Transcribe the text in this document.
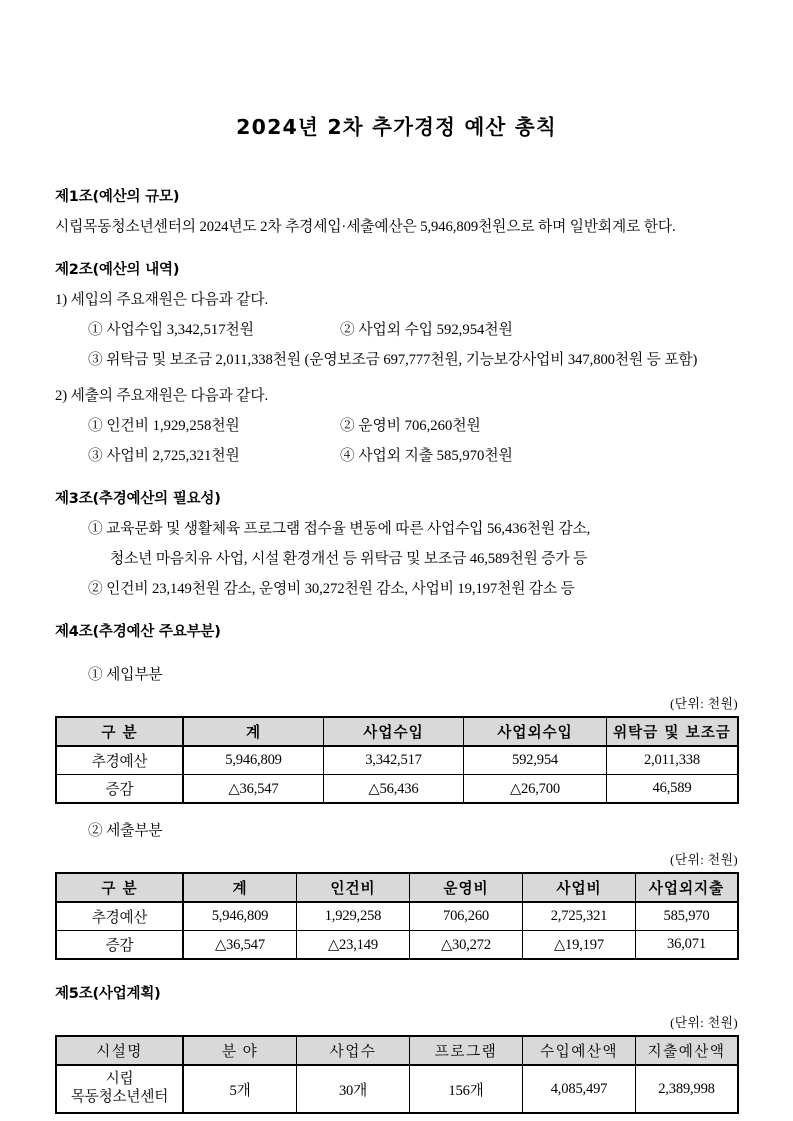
2024년 2차 추가경정 예산 총칙
제1조(예산의 규모)
시립목동청소년센터의 2024년도 2차 추경세입·세출예산은 5,946,809천원으로 하며 일반회계로 한다.
제2조(예산의 내역)
1) 세입의 주요재원은 다음과 같다.
① 사업수입 3,342,517천원	② 사업외 수입 592,954천원
③ 위탁금 및 보조금 2,011,338천원 (운영보조금 697,777천원, 기능보강사업비 347,800천원 등 포함)
2) 세출의 주요재원은 다음과 같다.
① 인건비 1,929,258천원	② 운영비 706,260천원
③ 사업비 2,725,321천원	④ 사업외 지출 585,970천원
제3조(추경예산의 필요성)
① 교육문화 및 생활체육 프로그램 접수율 변동에 따른 사업수입 56,436천원 감소,
청소년 마음치유 사업, 시설 환경개선 등 위탁금 및 보조금 46,589천원 증가 등
② 인건비 23,149천원 감소, 운영비 30,272천원 감소, 사업비 19,197천원 감소 등
제4조(추경예산 주요부분)
① 세입부분
(단위: 천원)
구 분	계	사업수입	사업외수입	위탁금 및 보조금
추경예산	5,946,809	3,342,517	592,954	2,011,338
증감	△36,547	△56,436	△26,700	46,589
② 세출부분
(단위: 천원)
구 분	계	인건비	운영비	사업비	사업외지출
추경예산	5,946,809	1,929,258	706,260	2,725,321	585,970
증감	△36,547	△23,149	△30,272	△19,197	36,071
제5조(사업계획)
(단위: 천원)
시설명	분 야	사업수	프로그램	수입예산액	지출예산액

시립
목동청소년센터	5개	30개	156개	4,085,497	2,389,998
